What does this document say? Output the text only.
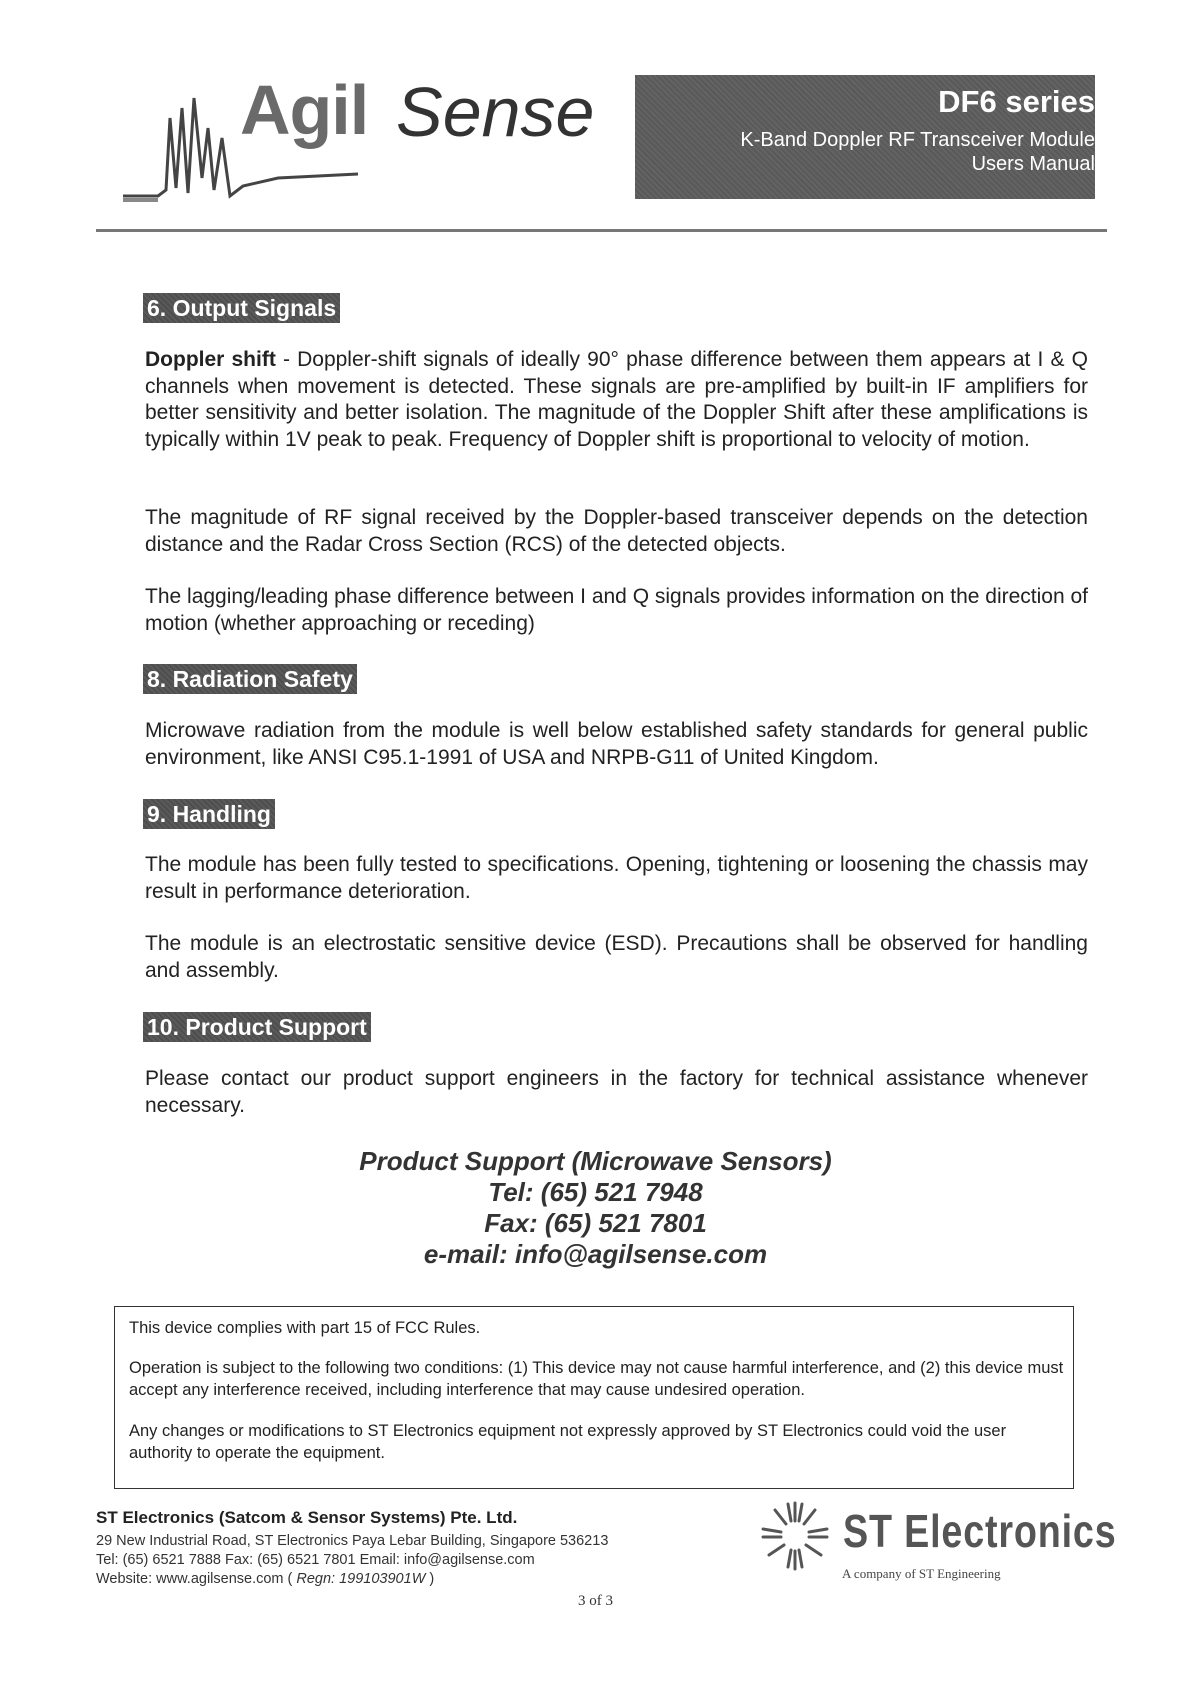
Agil Sense	DF6 series
K-Band Doppler RF Transceiver Module
Users Manual
6. Output Signals
Doppler shift - Doppler-shift signals of ideally 90° phase difference between them appears at I & Q channels when movement is detected. These signals are pre-amplified by built-in IF amplifiers for better sensitivity and better isolation. The magnitude of the Doppler Shift after these amplifications is typically within 1V peak to peak. Frequency of Doppler shift is proportional to velocity of motion.
The magnitude of RF signal received by the Doppler-based transceiver depends on the detection distance and the Radar Cross Section (RCS) of the detected objects.
The lagging/leading phase difference between I and Q signals provides information on the direction of motion (whether approaching or receding)
8. Radiation Safety
Microwave radiation from the module is well below established safety standards for general public environment, like ANSI C95.1-1991 of USA and NRPB-G11 of United Kingdom.
9. Handling
The module has been fully tested to specifications. Opening, tightening or loosening the chassis may result in performance deterioration.
The module is an electrostatic sensitive device (ESD). Precautions shall be observed for handling and assembly.
10. Product Support
Please contact our product support engineers in the factory for technical assistance whenever necessary.
Product Support (Microwave Sensors)
Tel: (65) 521 7948
Fax: (65) 521 7801
e-mail: info@agilsense.com
This device complies with part 15 of FCC Rules.
Operation is subject to the following two conditions: (1) This device may not cause harmful interference, and (2) this device must accept any interference received, including interference that may cause undesired operation.
Any changes or modifications to ST Electronics equipment not expressly approved by ST Electronics could void the user authority to operate the equipment.
ST Electronics (Satcom & Sensor Systems) Pte. Ltd.
29 New Industrial Road, ST Electronics Paya Lebar Building, Singapore 536213
Tel: (65) 6521 7888 Fax: (65) 6521 7801 Email: info@agilsense.com
Website: www.agilsense.com ( Regn: 199103901W )
ST Electronics
A company of ST Engineering
3 of 3
